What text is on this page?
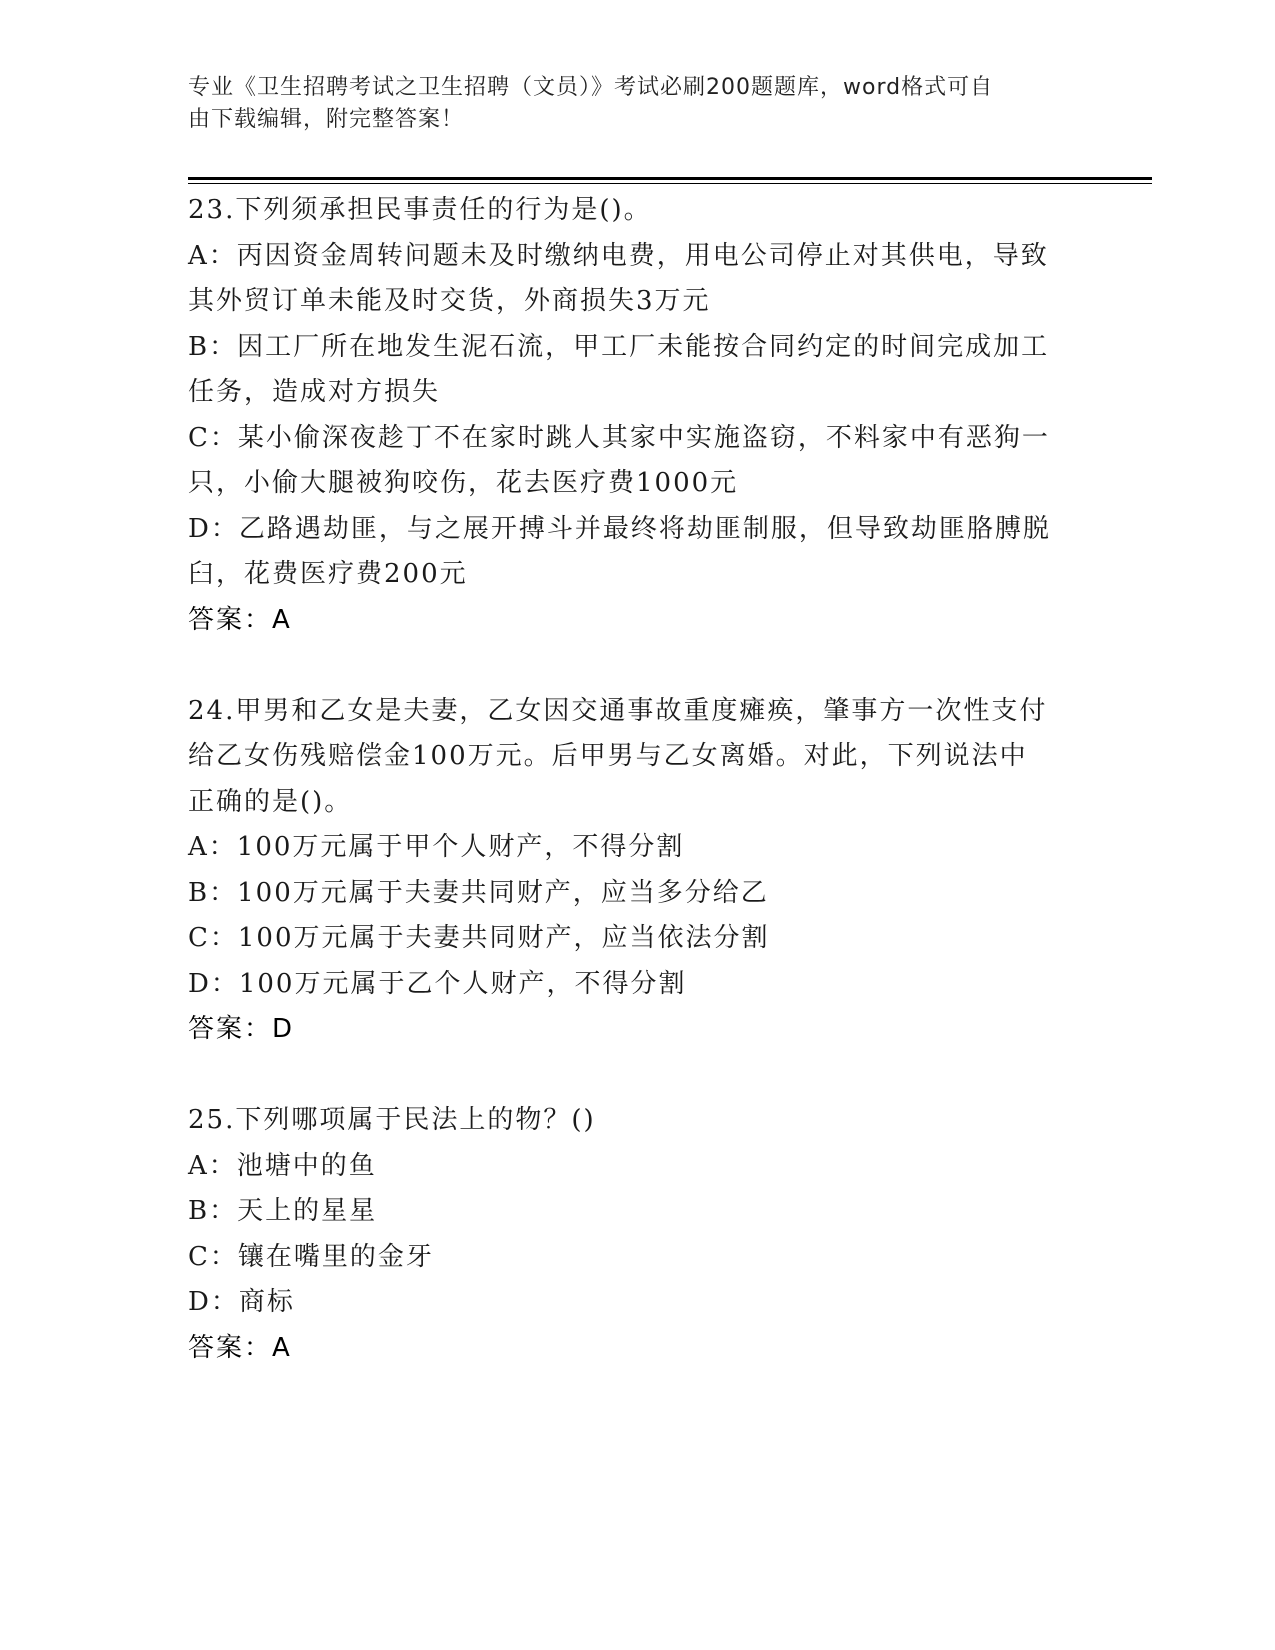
专业《卫生招聘考试之卫生招聘（文员）》考试必刷200题题库，word格式可自
由下载编辑，附完整答案！
23.下列须承担民事责任的行为是()。
A：丙因资金周转问题未及时缴纳电费，用电公司停止对其供电，导致
其外贸订单未能及时交货，外商损失3万元
B：因工厂所在地发生泥石流，甲工厂未能按合同约定的时间完成加工
任务，造成对方损失
C：某小偷深夜趁丁不在家时跳人其家中实施盗窃，不料家中有恶狗一
只，小偷大腿被狗咬伤，花去医疗费1000元
D：乙路遇劫匪，与之展开搏斗并最终将劫匪制服，但导致劫匪胳膊脱
臼，花费医疗费200元
答案：A
24.甲男和乙女是夫妻，乙女因交通事故重度瘫痪，肇事方一次性支付
给乙女伤残赔偿金100万元。后甲男与乙女离婚。对此，下列说法中
正确的是()。
A：100万元属于甲个人财产，不得分割
B：100万元属于夫妻共同财产，应当多分给乙
C：100万元属于夫妻共同财产，应当依法分割
D：100万元属于乙个人财产，不得分割
答案：D
25.下列哪项属于民法上的物？()
A：池塘中的鱼
B：天上的星星
C：镶在嘴里的金牙
D：商标
答案：A
